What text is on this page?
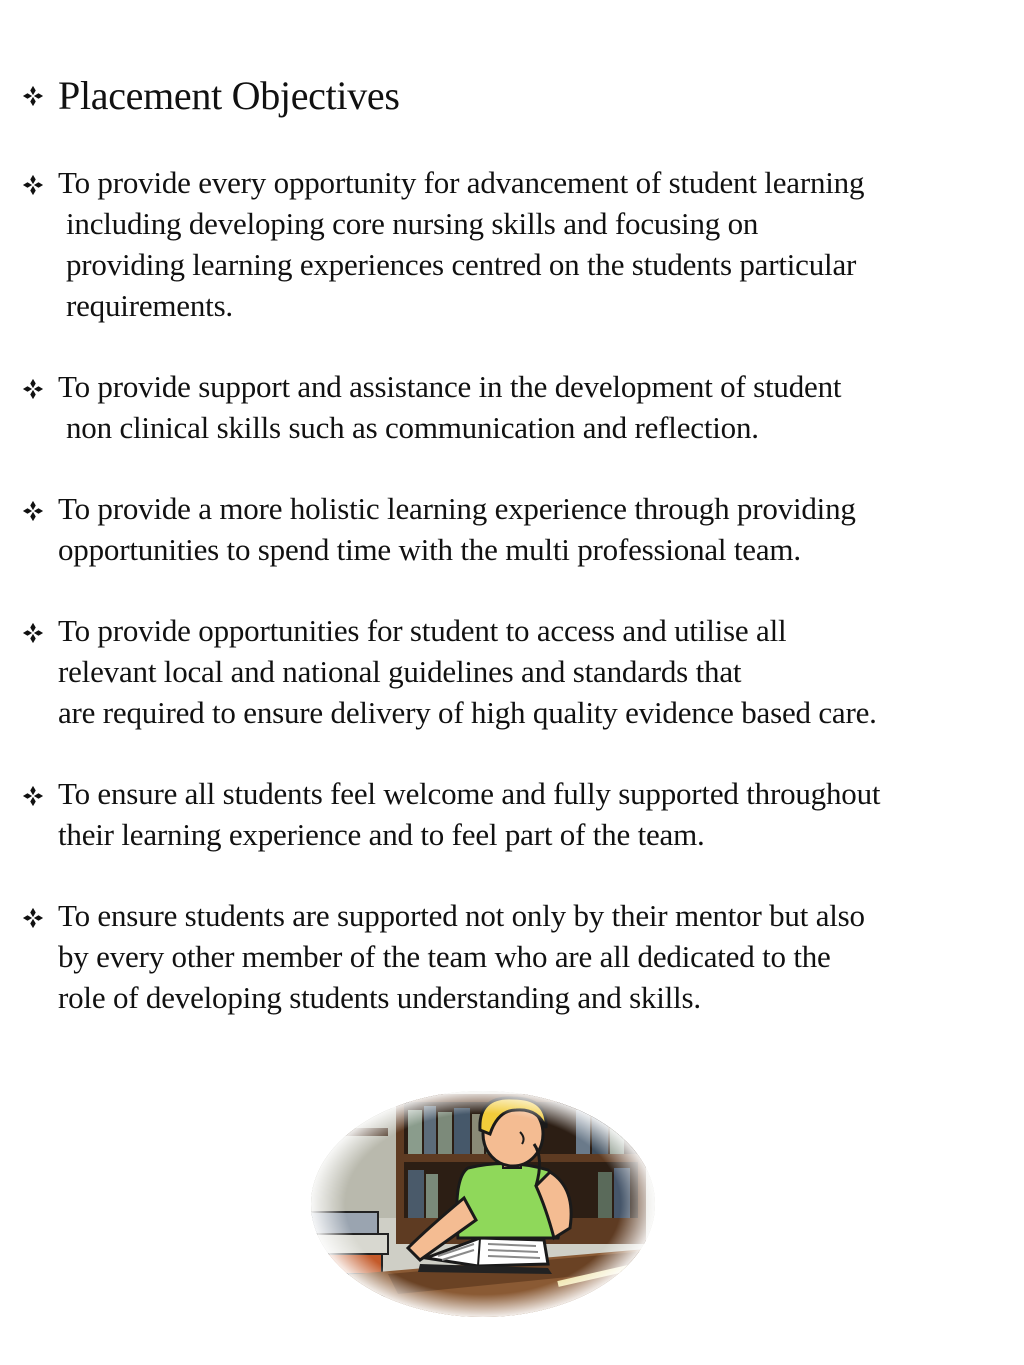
Placement Objectives
To provide every opportunity for advancement of student learning
including developing core nursing skills and focusing on
providing learning experiences centred on the students particular
requirements.
To provide support and assistance in the development of student
non clinical skills such as communication and reflection.
To provide a more holistic learning experience through providing
opportunities to spend time with the multi professional team.
To provide opportunities for student to access and utilise all
relevant local and national guidelines and standards that
are required to ensure delivery of high quality evidence based care.
To ensure all students feel welcome and fully supported throughout
their learning experience and to feel part of the team.
To ensure students are supported not only by their mentor but also
by every other member of the team who are all dedicated to the
role of developing students understanding and skills.
